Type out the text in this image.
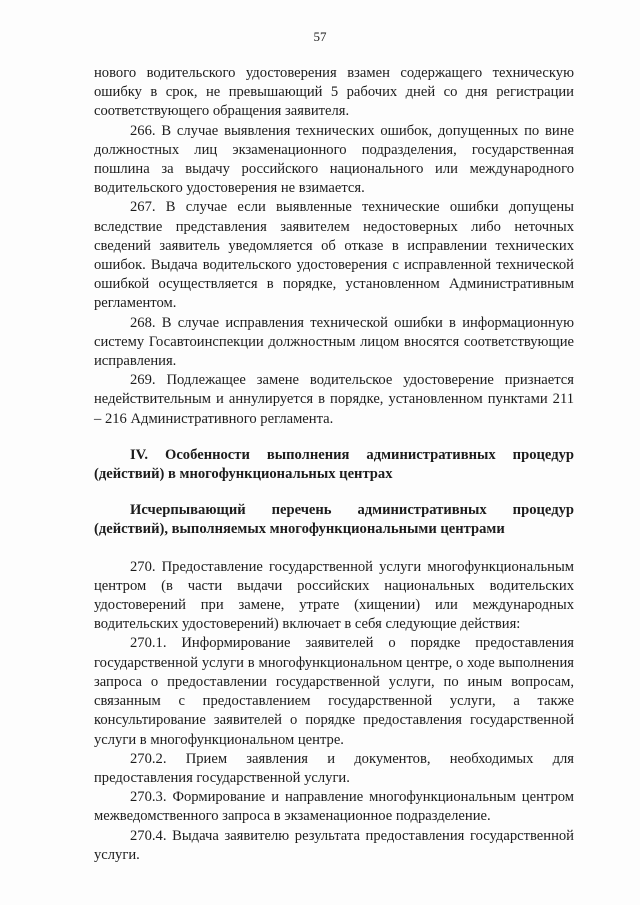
57

нового водительского удостоверения взамен содержащего техническую ошибку в срок, не превышающий 5 рабочих дней со дня регистрации соответствующего обращения заявителя.

266. В случае выявления технических ошибок, допущенных по вине должностных лиц экзаменационного подразделения, государственная пошлина за выдачу российского национального или международного водительского удостоверения не взимается.

267. В случае если выявленные технические ошибки допущены вследствие представления заявителем недостоверных либо неточных сведений заявитель уведомляется об отказе в исправлении технических ошибок. Выдача водительского удостоверения с исправленной технической ошибкой осуществляется в порядке, установленном Административным регламентом.

268. В случае исправления технической ошибки в информационную систему Госавтоинспекции должностным лицом вносятся соответствующие исправления.

269. Подлежащее замене водительское удостоверение признается недействительным и аннулируется в порядке, установленном пунктами 211 – 216 Административного регламента.

IV. Особенности выполнения административных процедур (действий) в многофункциональных центрах

Исчерпывающий перечень административных процедур (действий), выполняемых многофункциональными центрами

270. Предоставление государственной услуги многофункциональным центром (в части выдачи российских национальных водительских удостоверений при замене, утрате (хищении) или международных водительских удостоверений) включает в себя следующие действия:

270.1. Информирование заявителей о порядке предоставления государственной услуги в многофункциональном центре, о ходе выполнения запроса о предоставлении государственной услуги, по иным вопросам, связанным с предоставлением государственной услуги, а также консультирование заявителей о порядке предоставления государственной услуги в многофункциональном центре.

270.2. Прием заявления и документов, необходимых для предоставления государственной услуги.

270.3. Формирование и направление многофункциональным центром межведомственного запроса в экзаменационное подразделение.

270.4. Выдача заявителю результата предоставления государственной услуги.
